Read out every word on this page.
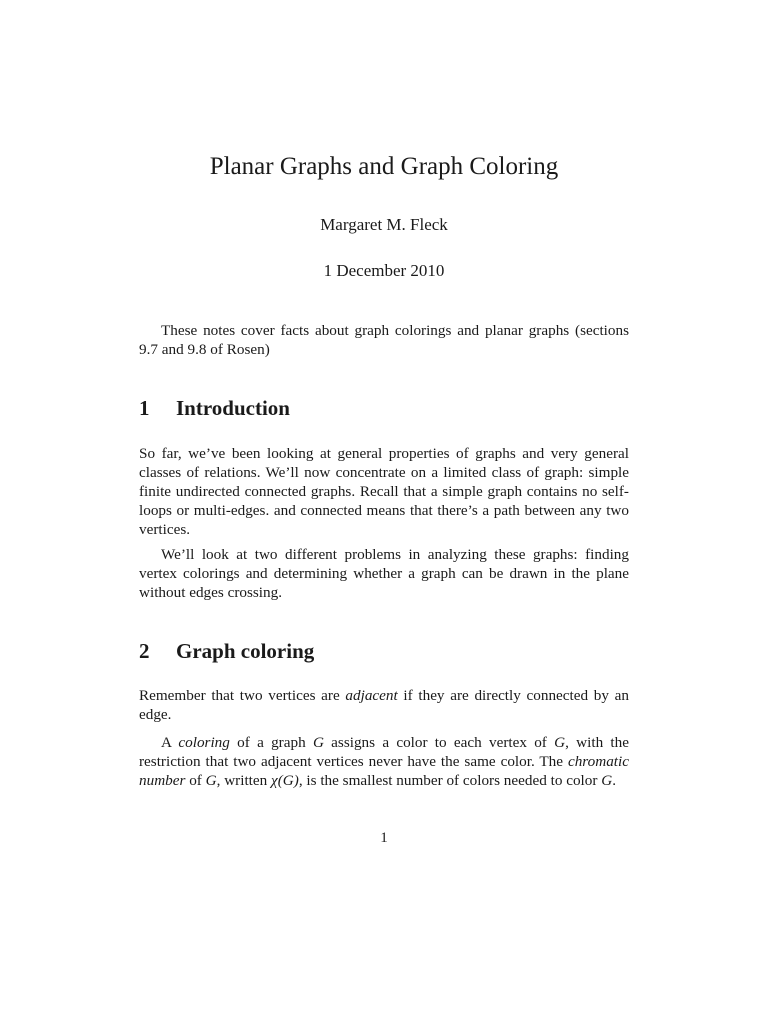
Planar Graphs and Graph Coloring
Margaret M. Fleck
1 December 2010

These notes cover facts about graph colorings and planar graphs (sections 9.7 and 9.8 of Rosen)

1 Introduction

So far, we’ve been looking at general properties of graphs and very general classes of relations. We’ll now concentrate on a limited class of graph: simple finite undirected connected graphs. Recall that a simple graph contains no self-loops or multi-edges. and connected means that there’s a path between any two vertices.

We’ll look at two different problems in analyzing these graphs: finding vertex colorings and determining whether a graph can be drawn in the plane without edges crossing.

2 Graph coloring

Remember that two vertices are adjacent if they are directly connected by an edge.

A coloring of a graph G assigns a color to each vertex of G, with the restriction that two adjacent vertices never have the same color. The chromatic number of G, written χ(G), is the smallest number of colors needed to color G.

1
